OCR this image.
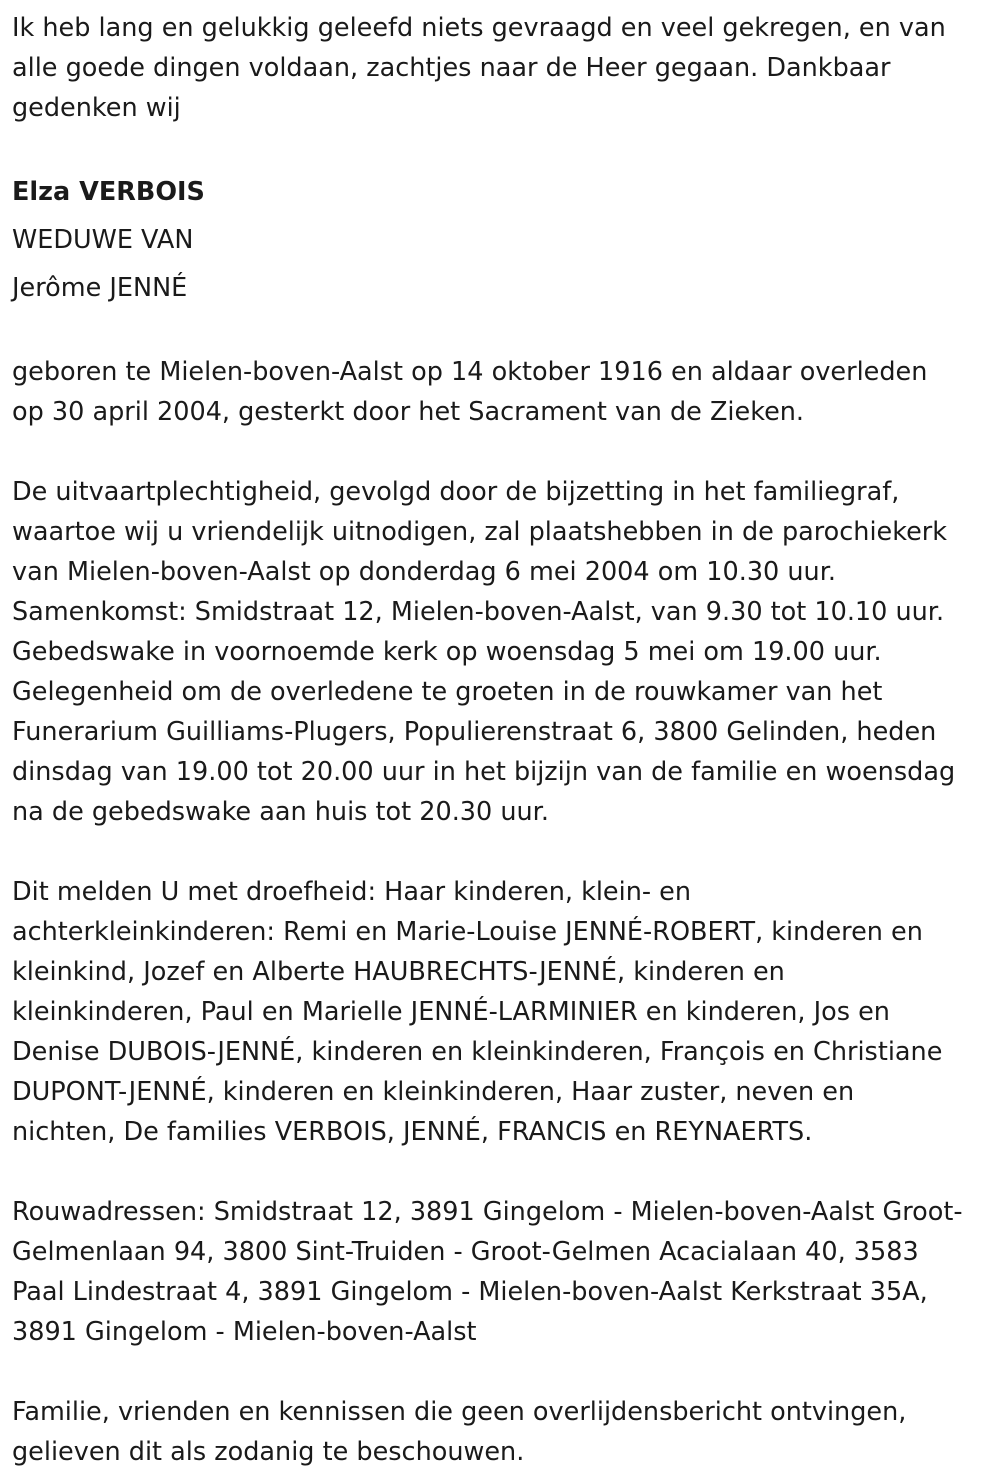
Ik heb lang en gelukkig geleefd niets gevraagd en veel gekregen, en van
alle goede dingen voldaan, zachtjes naar de Heer gegaan. Dankbaar
gedenken wij

Elza VERBOIS

WEDUWE VAN

Jerôme JENNÉ

geboren te Mielen-boven-Aalst op 14 oktober 1916 en aldaar overleden
op 30 april 2004, gesterkt door het Sacrament van de Zieken.

De uitvaartplechtigheid, gevolgd door de bijzetting in het familiegraf,
waartoe wij u vriendelijk uitnodigen, zal plaatshebben in de parochiekerk
van Mielen-boven-Aalst op donderdag 6 mei 2004 om 10.30 uur.
Samenkomst: Smidstraat 12, Mielen-boven-Aalst, van 9.30 tot 10.10 uur.
Gebedswake in voornoemde kerk op woensdag 5 mei om 19.00 uur.
Gelegenheid om de overledene te groeten in de rouwkamer van het
Funerarium Guilliams-Plugers, Populierenstraat 6, 3800 Gelinden, heden
dinsdag van 19.00 tot 20.00 uur in het bijzijn van de familie en woensdag
na de gebedswake aan huis tot 20.30 uur.

Dit melden U met droefheid: Haar kinderen, klein- en
achterkleinkinderen: Remi en Marie-Louise JENNÉ-ROBERT, kinderen en
kleinkind, Jozef en Alberte HAUBRECHTS-JENNÉ, kinderen en
kleinkinderen, Paul en Marielle JENNÉ-LARMINIER en kinderen, Jos en
Denise DUBOIS-JENNÉ, kinderen en kleinkinderen, François en Christiane
DUPONT-JENNÉ, kinderen en kleinkinderen, Haar zuster, neven en
nichten, De families VERBOIS, JENNÉ, FRANCIS en REYNAERTS.

Rouwadressen: Smidstraat 12, 3891 Gingelom - Mielen-boven-Aalst Groot-
Gelmenlaan 94, 3800 Sint-Truiden - Groot-Gelmen Acacialaan 40, 3583
Paal Lindestraat 4, 3891 Gingelom - Mielen-boven-Aalst Kerkstraat 35A,
3891 Gingelom - Mielen-boven-Aalst

Familie, vrienden en kennissen die geen overlijdensbericht ontvingen,
gelieven dit als zodanig te beschouwen.
